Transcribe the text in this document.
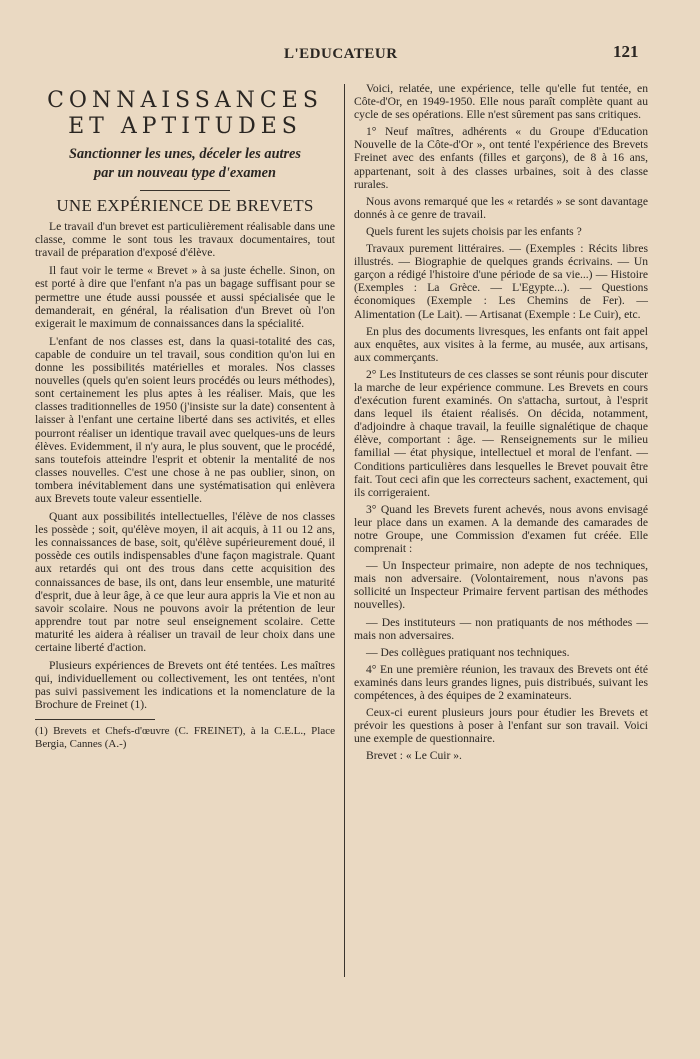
L'EDUCATEUR	121
CONNAISSANCES
ET APTITUDES
Sanctionner les unes, déceler les autres
par un nouveau type d'examen
UNE EXPÉRIENCE DE BREVETS

Le travail d'un brevet est particulièrement réalisable dans une classe, comme le sont tous les travaux documentaires, tout travail de préparation d'exposé d'élève.

Il faut voir le terme « Brevet » à sa juste échelle. Sinon, on est porté à dire que l'enfant n'a pas un bagage suffisant pour se permettre une étude aussi poussée et aussi spécialisée que le demanderait, en général, la réalisation d'un Brevet où l'on exigerait le maximum de connaissances dans la spécialité.

L'enfant de nos classes est, dans la quasi-totalité des cas, capable de conduire un tel travail, sous condition qu'on lui en donne les possibilités matérielles et morales. Nos classes nouvelles (quels qu'en soient leurs procédés ou leurs méthodes), sont certainement les plus aptes à les réaliser. Mais, que les classes traditionnelles de 1950 (j'insiste sur la date) consentent à laisser à l'enfant une certaine liberté dans ses activités, et elles pourront réaliser un identique travail avec quelques-uns de leurs élèves. Evidemment, il n'y aura, le plus souvent, que le procédé, sans toutefois atteindre l'esprit et obtenir la mentalité de nos classes nouvelles. C'est une chose à ne pas oublier, sinon, on tombera inévitablement dans une systématisation qui enlèvera aux Brevets toute valeur essentielle.

Quant aux possibilités intellectuelles, l'élève de nos classes les possède ; soit, qu'élève moyen, il ait acquis, à 11 ou 12 ans, les connaissances de base, soit, qu'élève supérieurement doué, il possède ces outils indispensables d'une façon magistrale. Quant aux retardés qui ont des trous dans cette acquisition des connaissances de base, ils ont, dans leur ensemble, une maturité d'esprit, due à leur âge, à ce que leur aura appris la Vie et non au savoir scolaire. Nous ne pouvons avoir la prétention de leur apprendre tout par notre seul enseignement scolaire. Cette maturité les aidera à réaliser un travail de leur choix dans une certaine liberté d'action.

Plusieurs expériences de Brevets ont été tentées. Les maîtres qui, individuellement ou collectivement, les ont tentées, n'ont pas suivi passivement les indications et la nomenclature de la Brochure de Freinet (1).

(1) Brevets et Chefs-d'œuvre (C. FREINET), à la C.E.L., Place Bergia, Cannes (A.-)

Voici, relatée, une expérience, telle qu'elle fut tentée, en Côte-d'Or, en 1949-1950. Elle nous paraît complète quant au cycle de ses opérations. Elle n'est sûrement pas sans critiques.

1° Neuf maîtres, adhérents « du Groupe d'Education Nouvelle de la Côte-d'Or », ont tenté l'expérience des Brevets Freinet avec des enfants (filles et garçons), de 8 à 16 ans, appartenant, soit à des classes urbaines, soit à des classe rurales.

Nous avons remarqué que les « retardés » se sont davantage donnés à ce genre de travail.

Quels furent les sujets choisis par les enfants ?

Travaux purement littéraires. — (Exemples : Récits libres illustrés. — Biographie de quelques grands écrivains. — Un garçon a rédigé l'histoire d'une période de sa vie...) — Histoire (Exemples : La Grèce. — L'Egypte...). — Questions économiques (Exemple : Les Chemins de Fer). — Alimentation (Le Lait). — Artisanat (Exemple : Le Cuir), etc.

En plus des documents livresques, les enfants ont fait appel aux enquêtes, aux visites à la ferme, au musée, aux artisans, aux commerçants.

2° Les Instituteurs de ces classes se sont réunis pour discuter la marche de leur expérience commune. Les Brevets en cours d'exécution furent examinés. On s'attacha, surtout, à l'esprit dans lequel ils étaient réalisés. On décida, notamment, d'adjoindre à chaque travail, la feuille signalétique de chaque élève, comportant : âge. — Renseignements sur le milieu familial — état physique, intellectuel et moral de l'enfant. — Conditions particulières dans lesquelles le Brevet pouvait être fait. Tout ceci afin que les correcteurs sachent, exactement, qui ils corrigeraient.

3° Quand les Brevets furent achevés, nous avons envisagé leur place dans un examen. A la demande des camarades de notre Groupe, une Commission d'examen fut créée. Elle comprenait :

— Un Inspecteur primaire, non adepte de nos techniques, mais non adversaire. (Volontairement, nous n'avons pas sollicité un Inspecteur Primaire fervent partisan des méthodes nouvelles).

— Des instituteurs — non pratiquants de nos méthodes — mais non adversaires.

— Des collègues pratiquant nos techniques.

4° En une première réunion, les travaux des Brevets ont été examinés dans leurs grandes lignes, puis distribués, suivant les compétences, à des équipes de 2 examinateurs.

Ceux-ci eurent plusieurs jours pour étudier les Brevets et prévoir les questions à poser à l'enfant sur son travail. Voici une exemple de questionnaire.

Brevet : « Le Cuir ».
